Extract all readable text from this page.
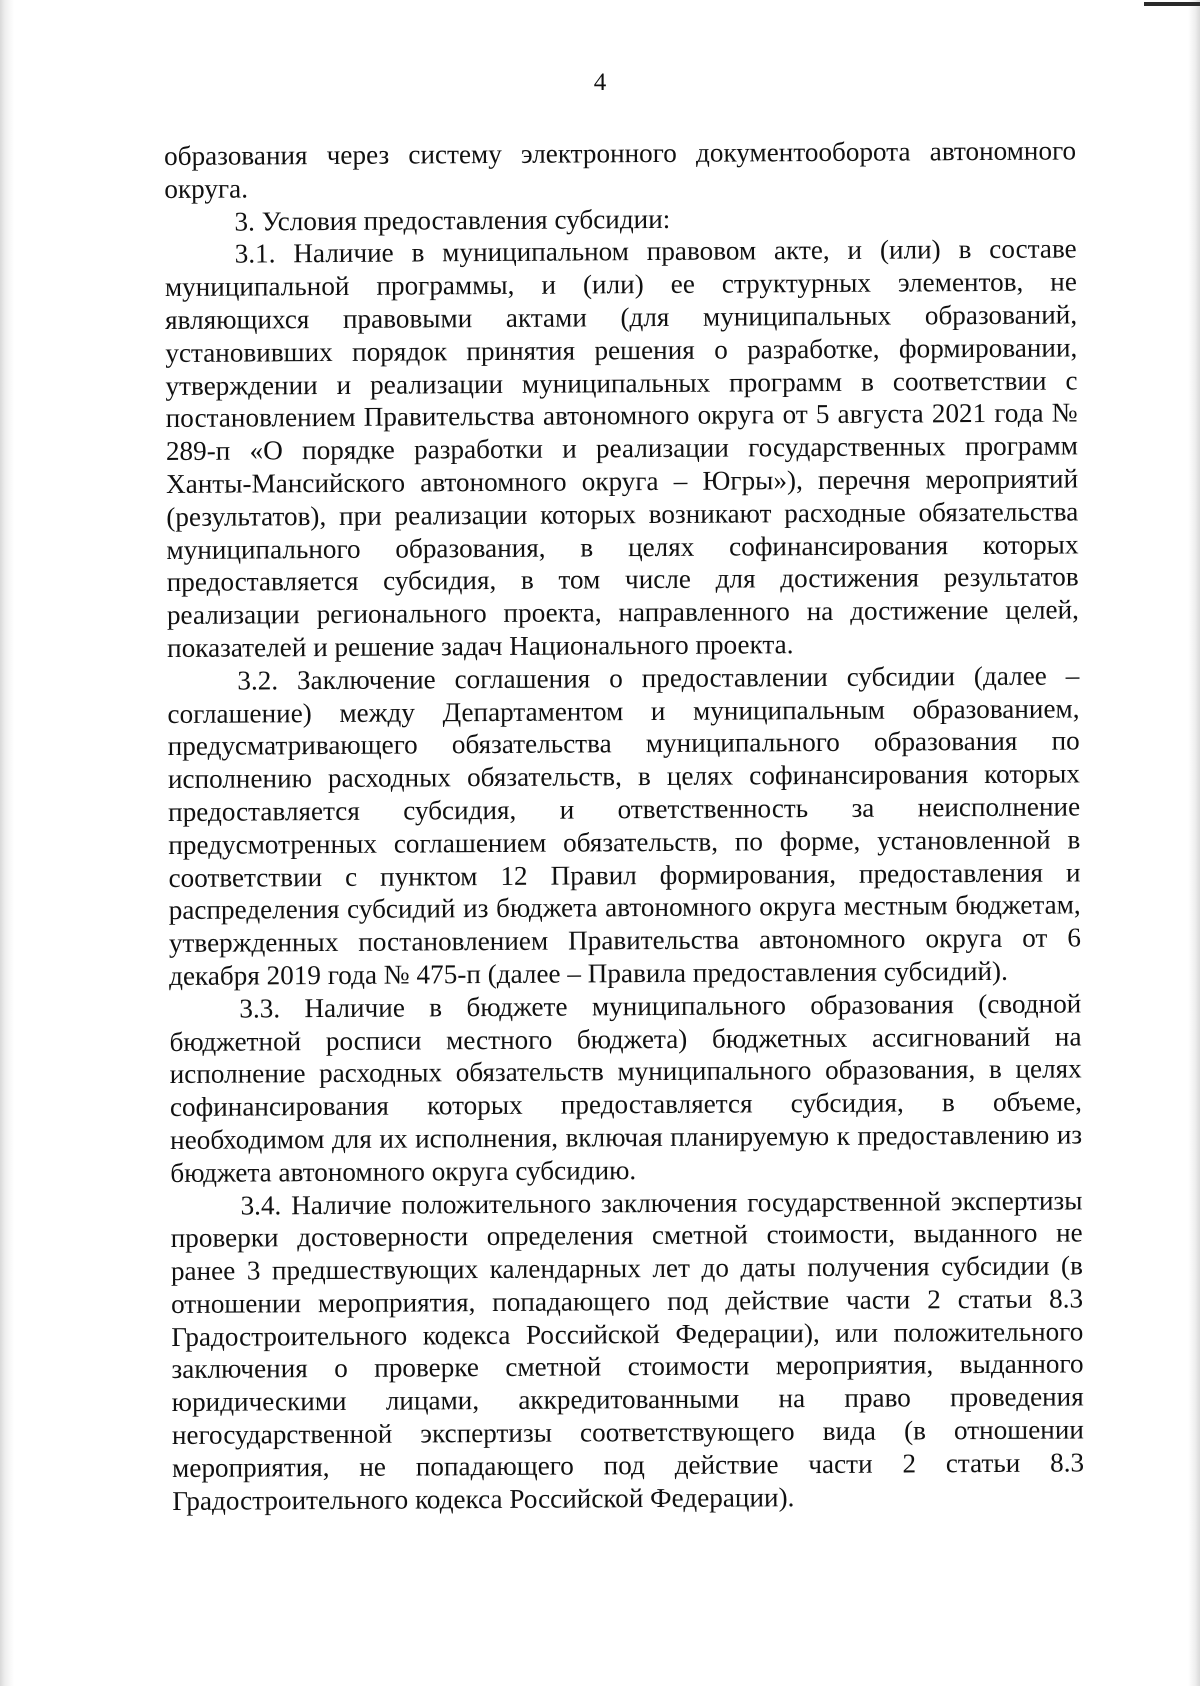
4

образования через систему электронного документооборота автономного округа.

3. Условия предоставления субсидии:

3.1. Наличие в муниципальном правовом акте, и (или) в составе муниципальной программы, и (или) ее структурных элементов, не являющихся правовыми актами (для муниципальных образований, установивших порядок принятия решения о разработке, формировании, утверждении и реализации муниципальных программ в соответствии с постановлением Правительства автономного округа от 5 августа 2021 года № 289-п «О порядке разработки и реализации государственных программ Ханты-Мансийского автономного округа – Югры»), перечня мероприятий (результатов), при реализации которых возникают расходные обязательства муниципального образования, в целях софинансирования которых предоставляется субсидия, в том числе для достижения результатов реализации регионального проекта, направленного на достижение целей, показателей и решение задач Национального проекта.

3.2. Заключение соглашения о предоставлении субсидии (далее – соглашение) между Департаментом и муниципальным образованием, предусматривающего обязательства муниципального образования по исполнению расходных обязательств, в целях софинансирования которых предоставляется субсидия, и ответственность за неисполнение предусмотренных соглашением обязательств, по форме, установленной в соответствии с пунктом 12 Правил формирования, предоставления и распределения субсидий из бюджета автономного округа местным бюджетам, утвержденных постановлением Правительства автономного округа от 6 декабря 2019 года № 475-п (далее – Правила предоставления субсидий).

3.3. Наличие в бюджете муниципального образования (сводной бюджетной росписи местного бюджета) бюджетных ассигнований на исполнение расходных обязательств муниципального образования, в целях софинансирования которых предоставляется субсидия, в объеме, необходимом для их исполнения, включая планируемую к предоставлению из бюджета автономного округа субсидию.

3.4. Наличие положительного заключения государственной экспертизы проверки достоверности определения сметной стоимости, выданного не ранее 3 предшествующих календарных лет до даты получения субсидии (в отношении мероприятия, попадающего под действие части 2 статьи 8.3 Градостроительного кодекса Российской Федерации), или положительного заключения о проверке сметной стоимости мероприятия, выданного юридическими лицами, аккредитованными на право проведения негосударственной экспертизы соответствующего вида (в отношении мероприятия, не попадающего под действие части 2 статьи 8.3 Градостроительного кодекса Российской Федерации).
